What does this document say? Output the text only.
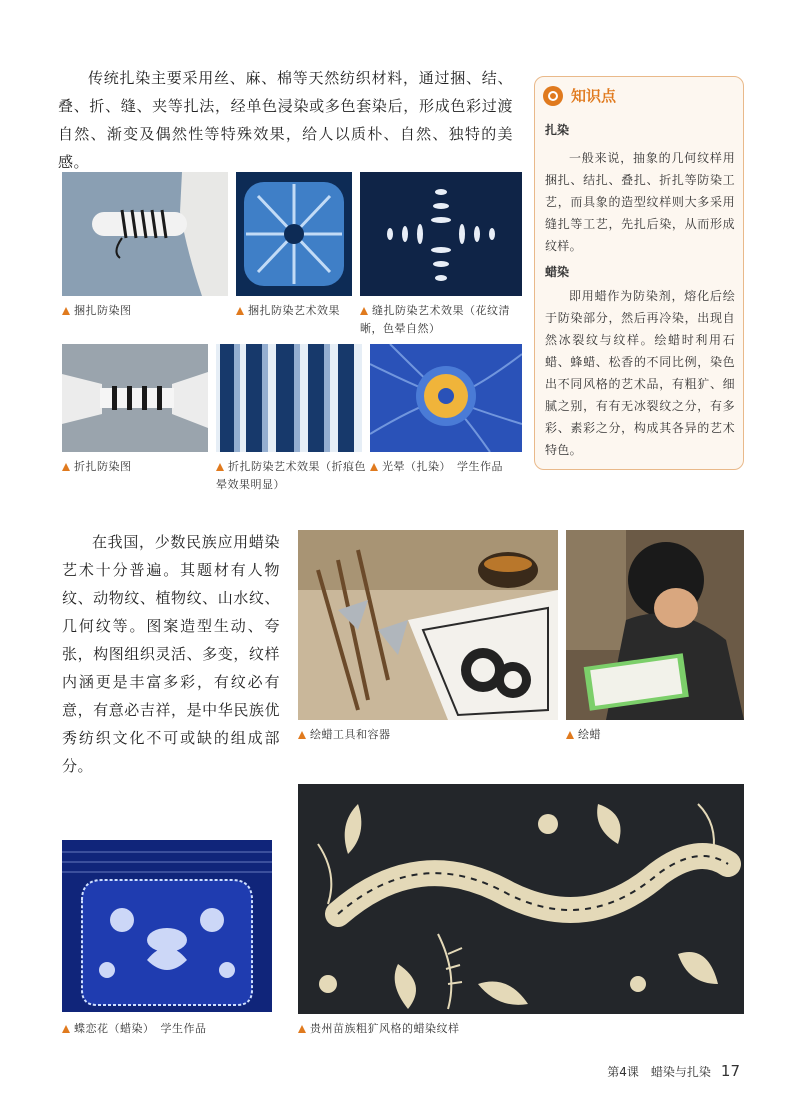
传统扎染主要采用丝、麻、棉等天然纺织材料，通过捆、结、叠、折、缝、夹等扎法，经单色浸染或多色套染后，形成色彩过渡自然、渐变及偶然性等特殊效果，给人以质朴、自然、独特的美感。
知识点
扎染
一般来说，抽象的几何纹样用捆扎、结扎、叠扎、折扎等防染工艺，而具象的造型纹样则大多采用缝扎等工艺，先扎后染，从而形成纹样。
蜡染
即用蜡作为防染剂，熔化后绘于防染部分，然后再冷染，出现自然冰裂纹与纹样。绘蜡时利用石蜡、蜂蜡、松香的不同比例，染色出不同风格的艺术品，有粗犷、细腻之别，有有无冰裂纹之分，有多彩、素彩之分，构成其各异的艺术特色。
捆扎防染图	捆扎防染艺术效果	缝扎防染艺术效果（花纹清晰，色晕自然）
折扎防染图	折扎防染艺术效果（折痕色晕效果明显）
光晕（扎染）　学生作品
在我国，少数民族应用蜡染艺术十分普遍。其题材有人物纹、动物纹、植物纹、山水纹、几何纹等。图案造型生动、夸张，构图组织灵活、多变，纹样内涵更是丰富多彩，有纹必有意，有意必吉祥，是中华民族优秀纺织文化不可或缺的组成部分。
绘蜡工具和容器	绘蜡
蝶恋花（蜡染）　学生作品	贵州苗族粗犷风格的蜡染纹样
第4课　蜡染与扎染 17
